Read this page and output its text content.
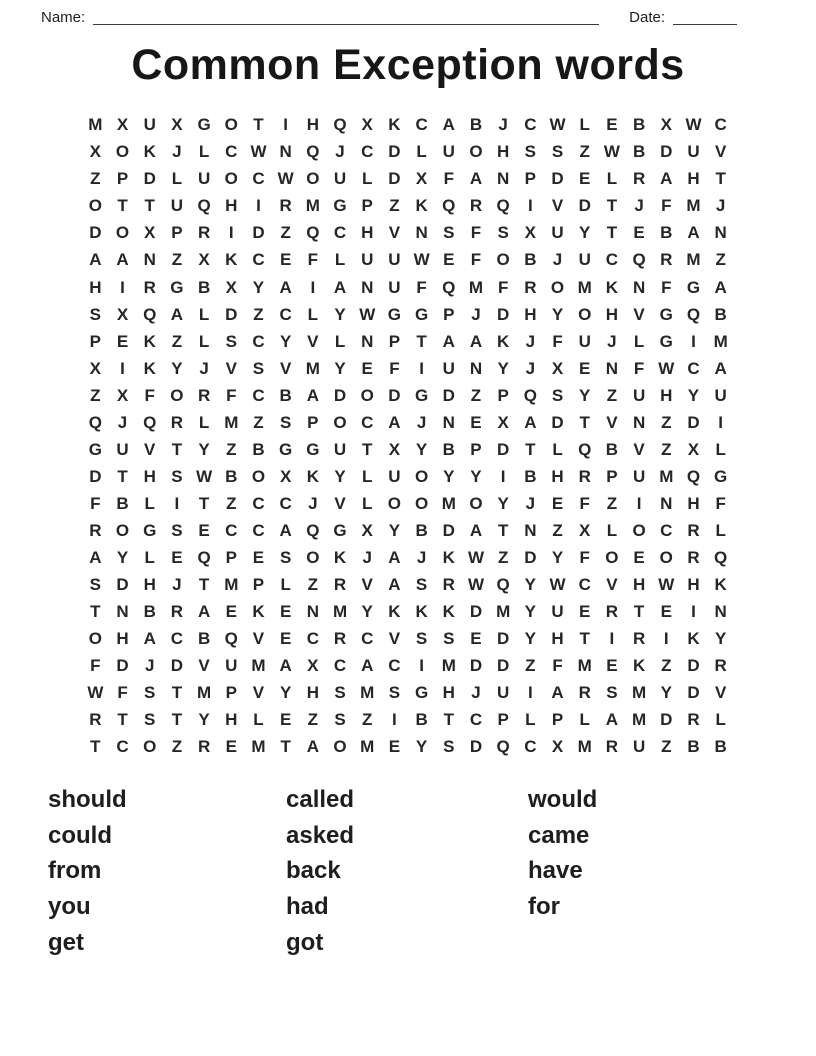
Name:	Date:
Common Exception words
M X U X G O T	I	H Q X K C A B J C W L E B X W C
X O K J	L C W N Q J C D L U O H S S Z W B D U V
Z P D L U O C W O U L D X F A N P D E L R A H T
O T T U Q H	I	R M G P Z K Q R Q	I	V D T	J	F M J
D O X P R	I	D Z Q C H V N S F S X U Y T E B A N
A A N Z X K C E F L U U W E F O B J U C Q R M Z
H	I	R G B X Y A	I	A N U F Q M F R O M K N F G A
S X Q A L D Z C L Y W G G P J D H Y O H V G Q B
P E K Z L S C Y V L N P T A A K J	F U J	L G	I	M
X	I	K Y J V S V M Y E F	I	U N Y J X E N F W C A
Z X F O R F C B A D O D G D Z P Q S Y Z U H Y U
Q J Q R L M Z S P O C A J N E X A D T V N Z D	I
G U V T Y Z B G G U T X Y B P D T L Q B V Z X L
D T H S W B O X K Y L U O Y Y	I	B H R P U M Q G
F B L	I	T Z C C J V L O O M O Y J E F Z	I	N H F
R O G S E C C A Q G X Y B D A T N Z X L O C R L
A Y L E Q P E S O K J A J K W Z D Y F O E O R Q
S D H J	T M P L Z R V A S R W Q Y W C V H W H K
T N B R A E K E N M Y K K K D M Y U E R T E	I	N
O H A C B Q V E C R C V S S E D Y H T	I	R	I	K Y
F D J D V U M A X C A C	I	M D D Z F M E K Z D R
W F S T M P V Y H S M S G H J U	I	A R S M Y D V
R T S T Y H L E Z S Z	I	B T C P L P L A M D R L
T C O Z R E M T A O M E Y S D Q C X M R U Z B B
should
could
from
you
get
called
asked
back
had
got
would
came
have
for
